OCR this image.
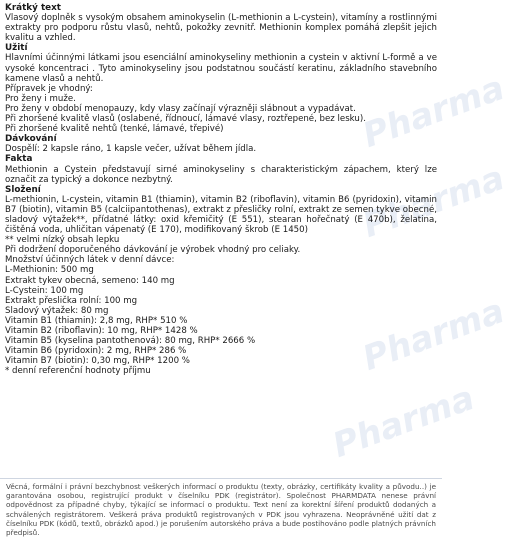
Pharma
Pharma
Pharma
Pharma

Krátký text

Vlasový doplněk s vysokým obsahem aminokyselin (L-methionin a L-cystein), vitamíny a rostlinnými extrakty pro podporu růstu vlasů, nehtů, pokožky zevnitř. Methionin komplex pomáhá zlepšit jejich kvalitu a vzhled.

Užití

Hlavními účinnými látkami jsou esenciální aminokyseliny methionin a cystein v aktivní L-formě a ve vysoké koncentraci . Tyto aminokyseliny jsou podstatnou součástí keratinu, základního stavebního kamene vlasů a nehtů.

Přípravek je vhodný:

Pro ženy i muže.

Pro ženy v období menopauzy, kdy vlasy začínají výrazněji slábnout a vypadávat.

Při zhoršené kvalitě vlasů (oslabené, řídnoucí, lámavé vlasy, roztřepené, bez lesku).

Při zhoršené kvalitě nehtů (tenké, lámavé, třepivé)

Dávkování

Dospělí: 2 kapsle ráno, 1 kapsle večer, užívat během jídla.

Fakta

Methionin a Cystein představují sirné aminokyseliny s charakteristickým zápachem, který lze označit za typický a dokonce nezbytný.

Složení

L-methionin, L-cystein, vitamin B1 (thiamin), vitamin B2 (riboflavin), vitamin B6 (pyridoxin), vitamin B7 (biotin), vitamin B5 (calciipantothenas), extrakt z přesličky rolní, extrakt ze semen tykve obecné, sladový výtažek**, přídatné látky: oxid křemičitý (E 551), stearan hořečnatý (E 470b), želatina, čištěná voda, uhličitan vápenatý (E 170), modifikovaný škrob (E 1450)

** velmi nízký obsah lepku

Při dodržení doporučeného dávkování je výrobek vhodný pro celiaky.

Množství účinných látek v denní dávce:

L-Methionin: 500 mg

Extrakt tykev obecná, semeno: 140 mg

L-Cystein: 100 mg

Extrakt přeslička rolní: 100 mg

Sladový výtažek: 80 mg

Vitamin B1 (thiamin): 2,8 mg, RHP* 510 %

Vitamin B2 (riboflavin): 10 mg, RHP* 1428 %

Vitamin B5 (kyselina pantothenová): 80 mg, RHP* 2666 %

Vitamin B6 (pyridoxin): 2 mg, RHP* 286 %

Vitamin B7 (biotin): 0,30 mg, RHP* 1200 %

* denní referenční hodnoty příjmu

Věcná, formální i právní bezchybnost veškerých informací o produktu (texty, obrázky, certifikáty kvality a původu..) je garantována osobou, registrující produkt v číselníku PDK (registrátor). Společnost PHARMDATA nenese právní odpovědnost za případné chyby, týkající se informací o produktu. Text není za korektní šíření produktů dodaných a schválených registrátorem. Veškerá práva produktů registrovaných v PDK jsou vyhrazena. Neoprávněné užití dat z číselníku PDK (kódů, textů, obrázků apod.) je porušením autorského práva a bude postihováno podle platných právních předpisů.
